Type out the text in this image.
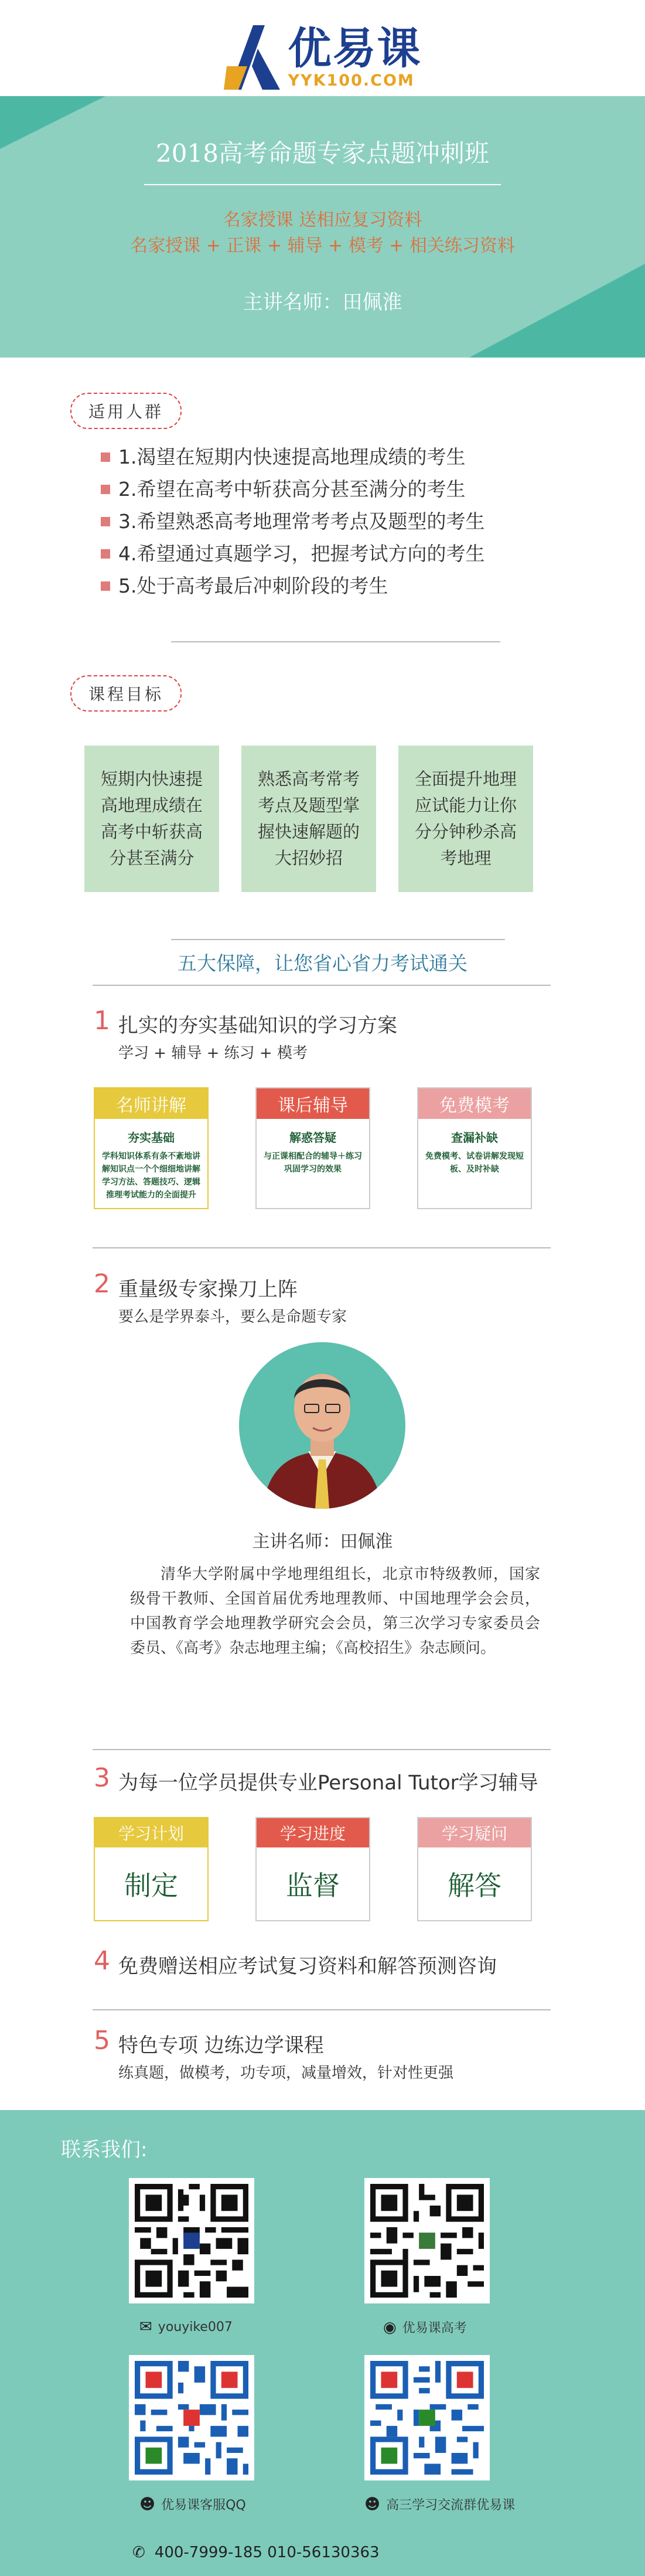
优易课
YYK100.COM
2018高考命题专家点题冲刺班
名家授课 送相应复习资料
名家授课 + 正课 + 辅导 + 模考 + 相关练习资料
主讲名师：田佩淮
适用人群
1.渴望在短期内快速提高地理成绩的考生
2.希望在高考中斩获高分甚至满分的考生
3.希望熟悉高考地理常考考点及题型的考生
4.希望通过真题学习，把握考试方向的考生
5.处于高考最后冲刺阶段的考生
课程目标
短期内快速提高地理成绩在高考中斩获高分甚至满分
熟悉高考常考考点及题型掌握快速解题的大招妙招
全面提升地理应试能力让你分分钟秒杀高考地理
五大保障，让您省心省力考试通关
1 扎实的夯实基础知识的学习方案
学习 + 辅导 + 练习 + 模考
名师讲解
夯实基础
学科知识体系有条不紊地讲解知识点一个个细细地讲解学习方法、答题技巧、逻辑推理考试能力的全面提升
课后辅导
解惑答疑
与正课相配合的辅导＋练习巩固学习的效果
免费模考
查漏补缺
免费模考、试卷讲解发现短板、及时补缺
2 重量级专家操刀上阵
要么是学界泰斗，要么是命题专家
主讲名师：田佩淮
清华大学附属中学地理组组长，北京市特级教师，国家级骨干教师、全国首届优秀地理教师、中国地理学会会员，中国教育学会地理教学研究会会员，第三次学习专家委员会委员、《高考》杂志地理主编；《高校招生》杂志顾问。
3 为每一位学员提供专业Personal Tutor学习辅导
学习计划
制定
学习进度
监督
学习疑问
解答
4 免费赠送相应考试复习资料和解答预测咨询
5 特色专项 边练边学课程
练真题，做模考，功专项，减量增效，针对性更强
联系我们:
✉ youyike007	◉ 优易课高考
☻ 优易课客服QQ	☻ 高三学习交流群优易课
✆ 400-7999-185 010-56130363
